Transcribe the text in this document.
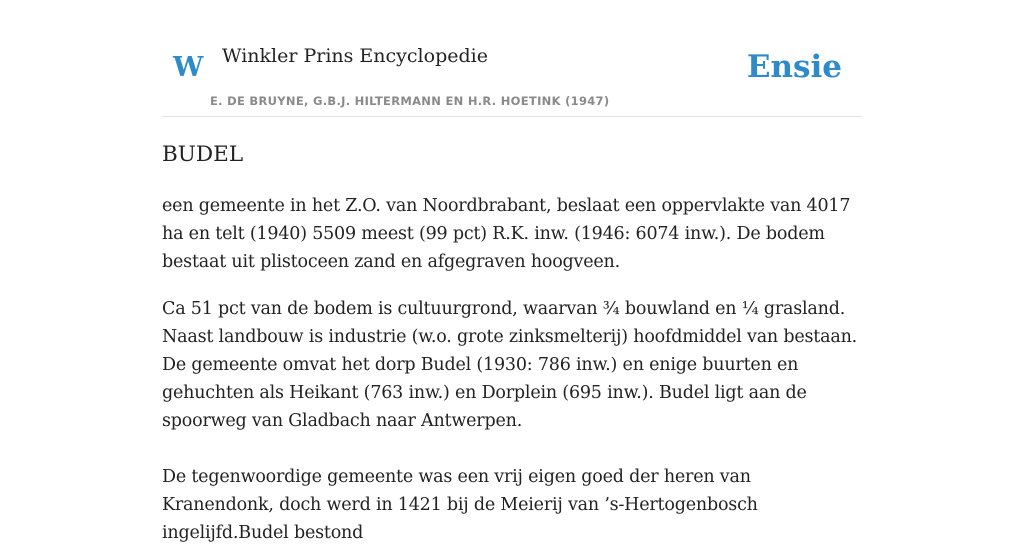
W Winkler Prins Encyclopedie
E. DE BRUYNE, G.B.J. HILTERMANN EN H.R. HOETINK (1947)
Ensie
BUDEL

een gemeente in het Z.O. van Noordbrabant, beslaat een oppervlakte van 4017 ha en telt (1940) 5509 meest (99 pct) R.K. inw. (1946: 6074 inw.). De bodem bestaat uit plistoceen zand en afgegraven hoogveen.

Ca 51 pct van de bodem is cultuurgrond, waarvan ¾ bouwland en ¼ grasland. Naast landbouw is industrie (w.o. grote zinksmelterij) hoofdmiddel van bestaan. De gemeente omvat het dorp Budel (1930: 786 inw.) en enige buurten en gehuchten als Heikant (763 inw.) en Dorplein (695 inw.). Budel ligt aan de spoorweg van Gladbach naar Antwerpen.

De tegenwoordige gemeente was een vrij eigen goed der heren van Kranendonk, doch werd in 1421 bij de Meierij van ’s-Hertogenbosch ingelijfd.Budel bestond
